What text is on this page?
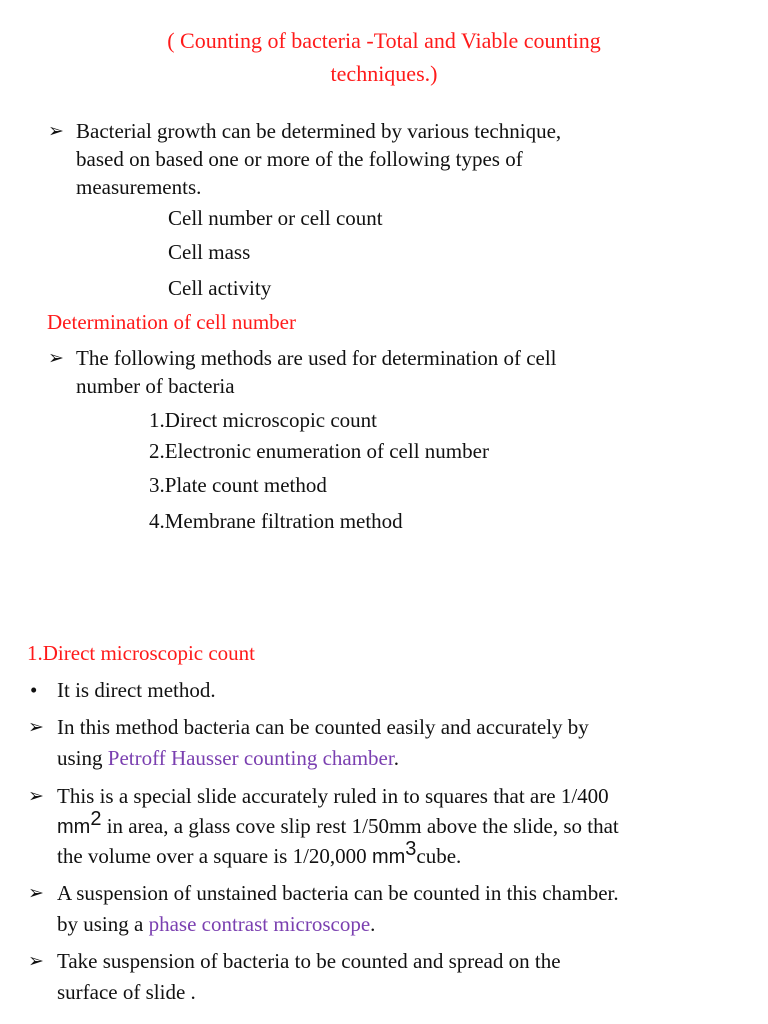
( Counting of bacteria -Total and Viable counting
techniques.)
➢ Bacterial growth can be determined by various technique,
based on based one or more of the following types of
measurements.
Cell number or cell count
Cell mass
Cell activity
Determination of cell number
➢ The following methods are used for determination of cell
number of bacteria
1.Direct microscopic count
2.Electronic enumeration of cell number
3.Plate count method
4.Membrane filtration method
1.Direct microscopic count
• It is direct method.
➢ In this method bacteria can be counted easily and accurately by
using Petroff Hausser counting chamber.
➢ This is a special slide accurately ruled in to squares that are 1/400
$mm^2$ in area, a glass cove slip rest 1/50mm above the slide, so that
the volume over a square is 1/20,000 $mm^3cube$.
➢ A suspension of unstained bacteria can be counted in this chamber.
by using a phase contrast microscope.
➢ Take suspension of bacteria to be counted and spread on the
surface of slide .
